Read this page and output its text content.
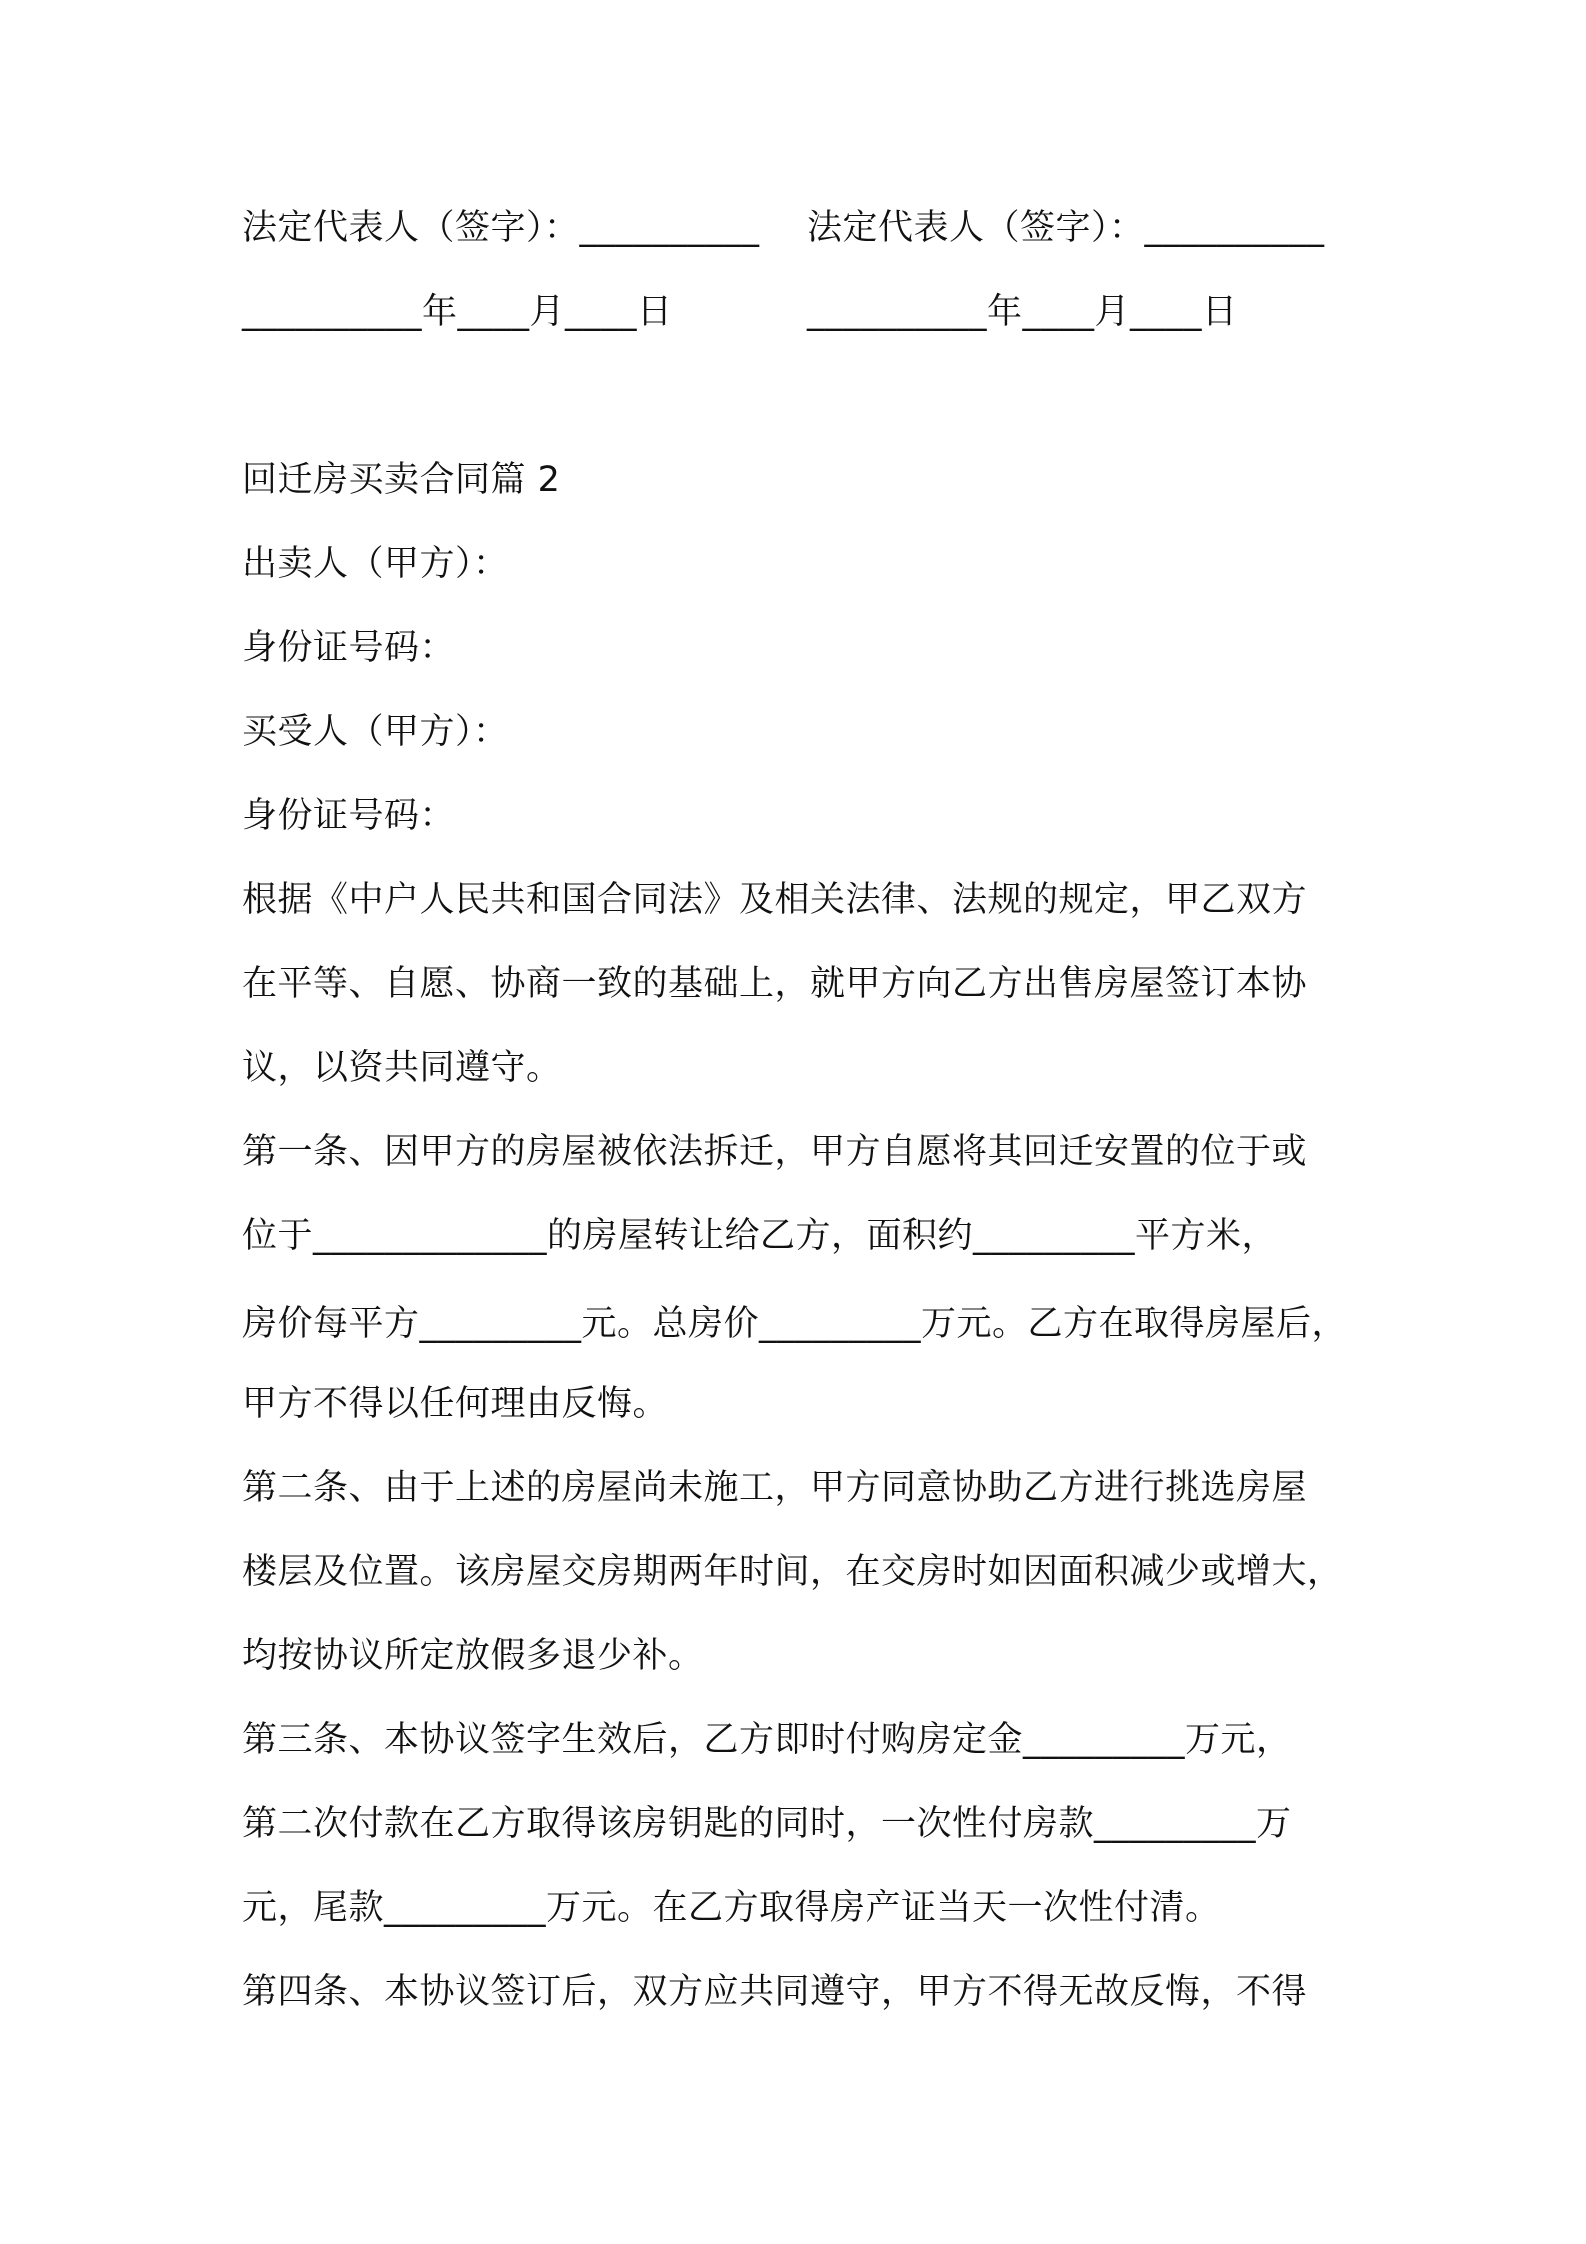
法定代表人（签字）：__________ 法定代表人（签字）：__________
__________年____月____日	__________年____月____日
回迁房买卖合同篇 2
出卖人（甲方）：
身份证号码：
买受人（甲方）：
身份证号码：
根据《中户人民共和国合同法》及相关法律、法规的规定，甲乙双方
在平等、自愿、协商一致的基础上，就甲方向乙方出售房屋签订本协
议，以资共同遵守。
第一条、因甲方的房屋被依法拆迁，甲方自愿将其回迁安置的位于或
位于_____________的房屋转让给乙方，面积约_________平方米，
房价每平方_________元。总房价_________万元。乙方在取得房屋后，
甲方不得以任何理由反悔。
第二条、由于上述的房屋尚未施工，甲方同意协助乙方进行挑选房屋
楼层及位置。该房屋交房期两年时间，在交房时如因面积减少或增大，
均按协议所定放假多退少补。
第三条、本协议签字生效后，乙方即时付购房定金_________万元，
第二次付款在乙方取得该房钥匙的同时，一次性付房款_________万
元，尾款_________万元。在乙方取得房产证当天一次性付清。
第四条、本协议签订后，双方应共同遵守，甲方不得无故反悔，不得
